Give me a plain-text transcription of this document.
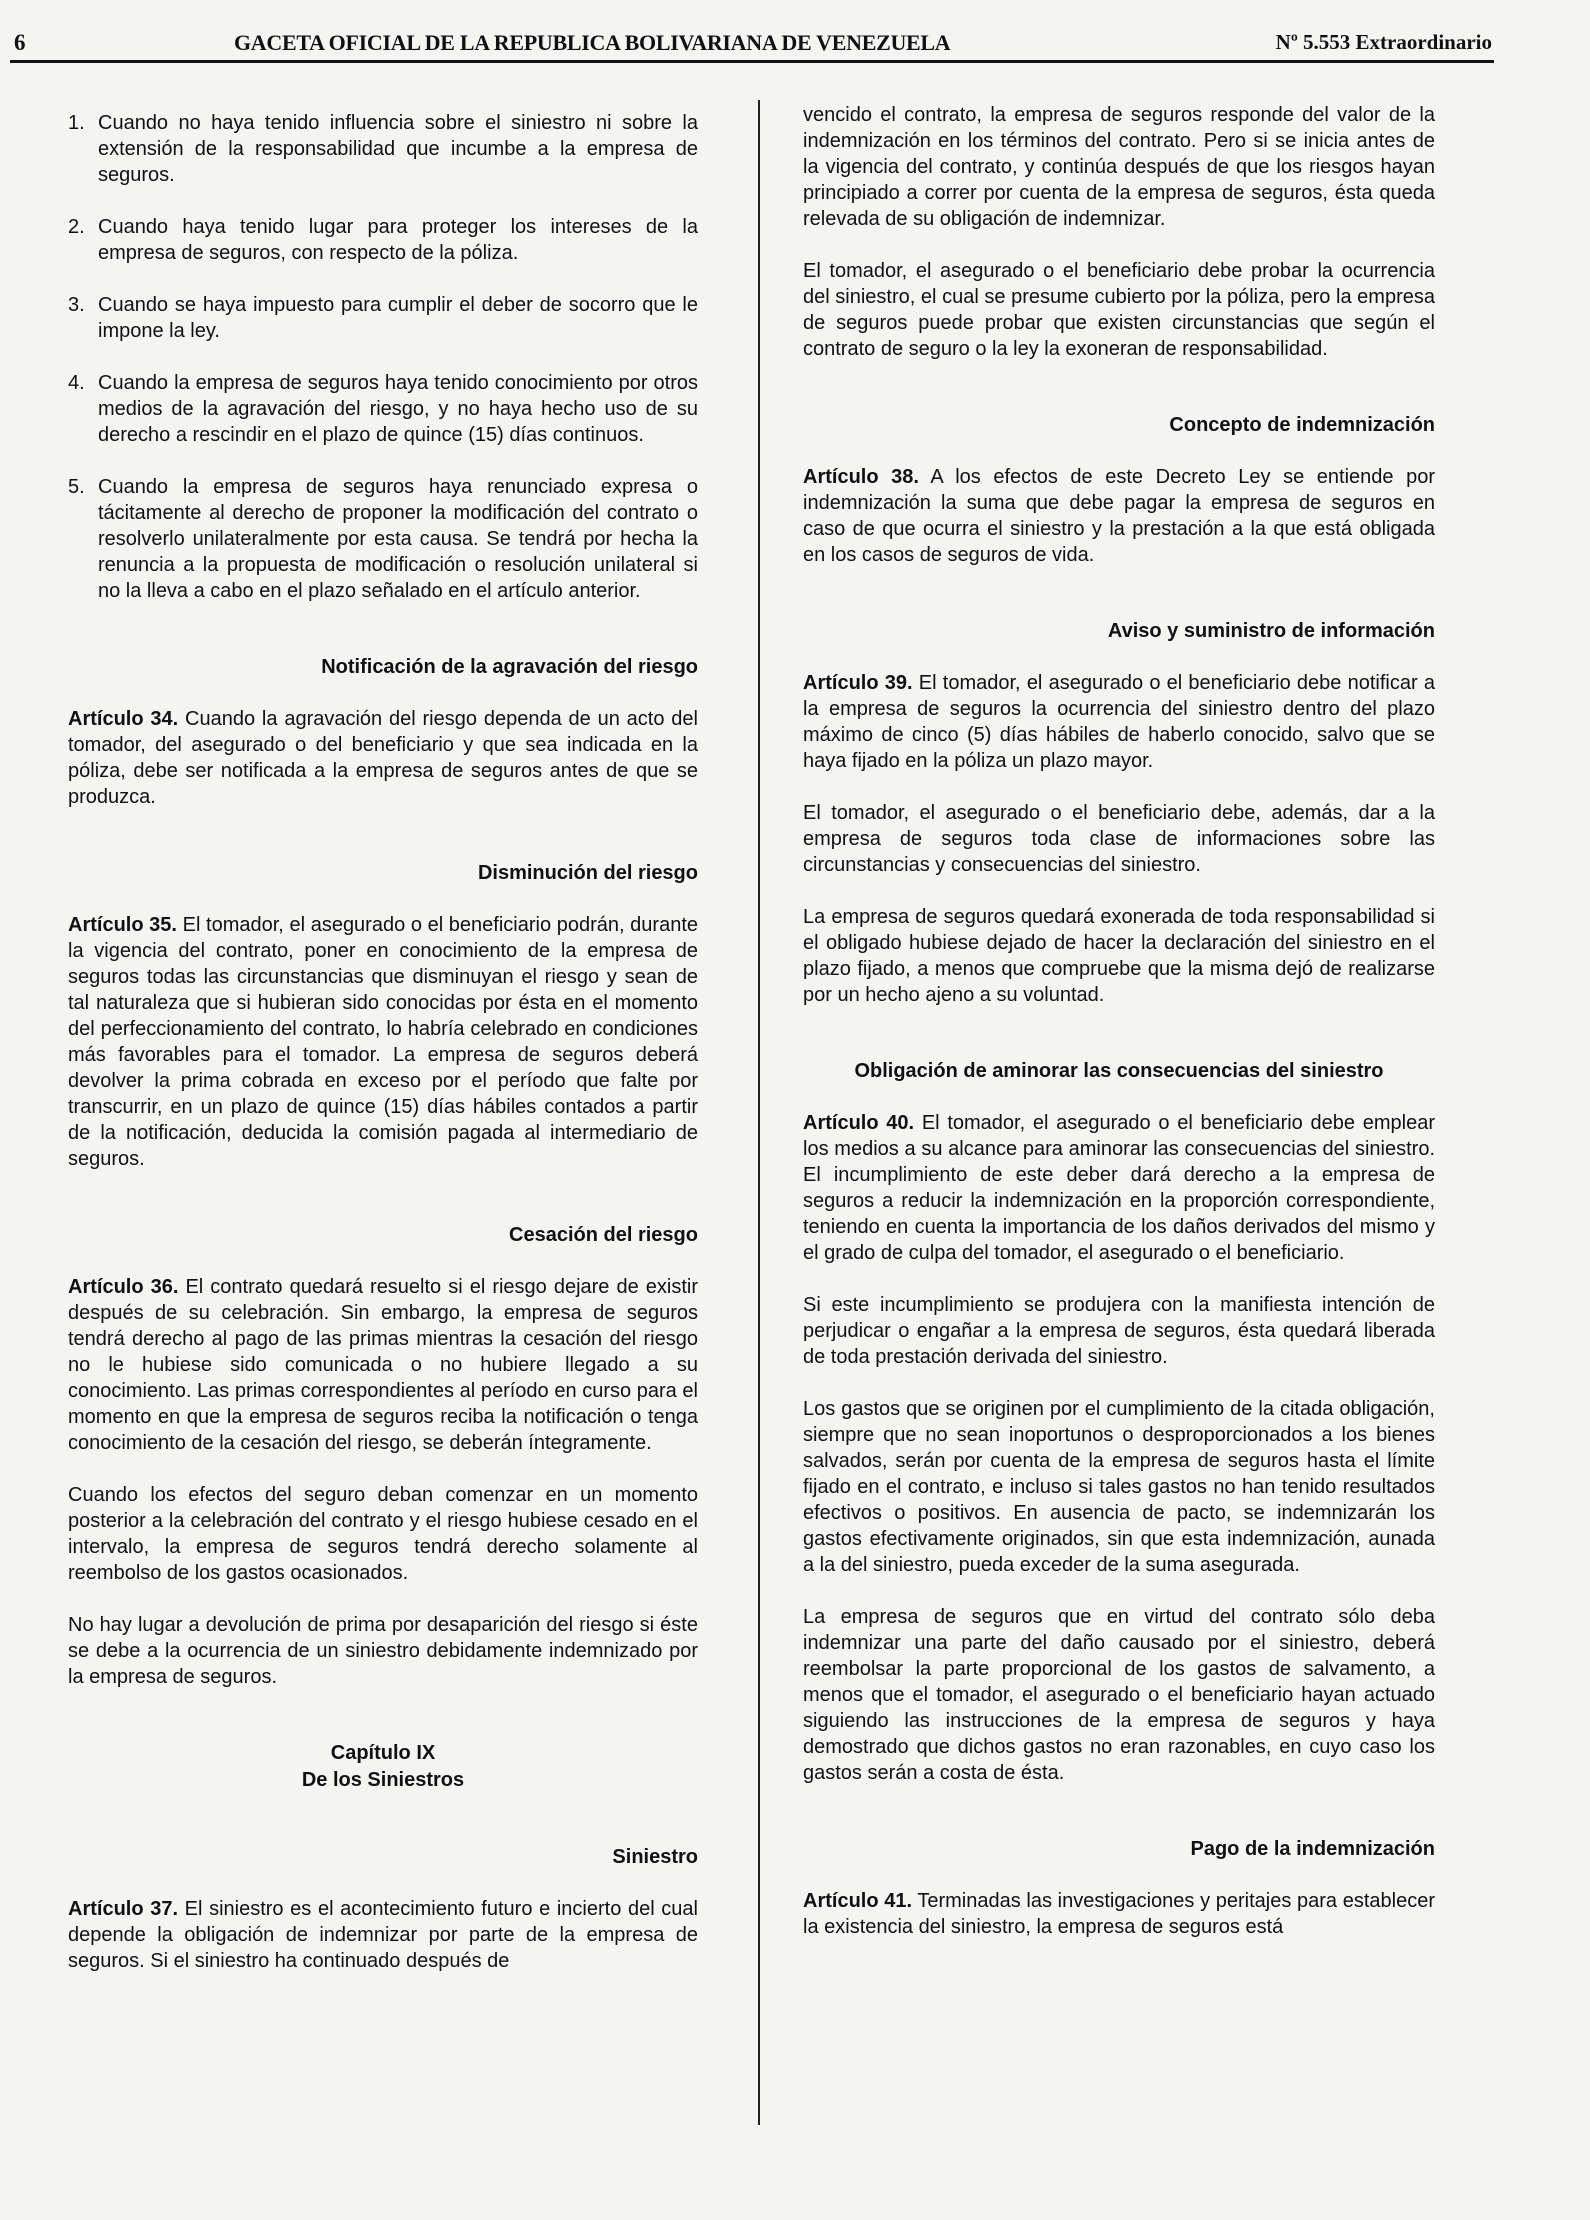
6	GACETA OFICIAL DE LA REPUBLICA BOLIVARIANA DE VENEZUELA	Nº 5.553 Extraordinario
1. Cuando no haya tenido influencia sobre el siniestro ni sobre la extensión de la responsabilidad que incumbe a la empresa de seguros.
2. Cuando haya tenido lugar para proteger los intereses de la empresa de seguros, con respecto de la póliza.
3. Cuando se haya impuesto para cumplir el deber de socorro que le impone la ley.
4. Cuando la empresa de seguros haya tenido conocimiento por otros medios de la agravación del riesgo, y no haya hecho uso de su derecho a rescindir en el plazo de quince (15) días continuos.
5. Cuando la empresa de seguros haya renunciado expresa o tácitamente al derecho de proponer la modificación del contrato o resolverlo unilateralmente por esta causa. Se tendrá por hecha la renuncia a la propuesta de modificación o resolución unilateral si no la lleva a cabo en el plazo señalado en el artículo anterior.
Notificación de la agravación del riesgo

Artículo 34. Cuando la agravación del riesgo dependa de un acto del tomador, del asegurado o del beneficiario y que sea indicada en la póliza, debe ser notificada a la empresa de seguros antes de que se produzca.

Disminución del riesgo

Artículo 35. El tomador, el asegurado o el beneficiario podrán, durante la vigencia del contrato, poner en conocimiento de la empresa de seguros todas las circunstancias que disminuyan el riesgo y sean de tal naturaleza que si hubieran sido conocidas por ésta en el momento del perfeccionamiento del contrato, lo habría celebrado en condiciones más favorables para el tomador. La empresa de seguros deberá devolver la prima cobrada en exceso por el período que falte por transcurrir, en un plazo de quince (15) días hábiles contados a partir de la notificación, deducida la comisión pagada al intermediario de seguros.

Cesación del riesgo

Artículo 36. El contrato quedará resuelto si el riesgo dejare de existir después de su celebración. Sin embargo, la empresa de seguros tendrá derecho al pago de las primas mientras la cesación del riesgo no le hubiese sido comunicada o no hubiere llegado a su conocimiento. Las primas correspondientes al período en curso para el momento en que la empresa de seguros reciba la notificación o tenga conocimiento de la cesación del riesgo, se deberán íntegramente.

Cuando los efectos del seguro deban comenzar en un momento posterior a la celebración del contrato y el riesgo hubiese cesado en el intervalo, la empresa de seguros tendrá derecho solamente al reembolso de los gastos ocasionados.

No hay lugar a devolución de prima por desaparición del riesgo si éste se debe a la ocurrencia de un siniestro debidamente indemnizado por la empresa de seguros.

Capítulo IX
De los Siniestros
Siniestro

Artículo 37. El siniestro es el acontecimiento futuro e incierto del cual depende la obligación de indemnizar por parte de la empresa de seguros. Si el siniestro ha continuado después de

vencido el contrato, la empresa de seguros responde del valor de la indemnización en los términos del contrato. Pero si se inicia antes de la vigencia del contrato, y continúa después de que los riesgos hayan principiado a correr por cuenta de la empresa de seguros, ésta queda relevada de su obligación de indemnizar.

El tomador, el asegurado o el beneficiario debe probar la ocurrencia del siniestro, el cual se presume cubierto por la póliza, pero la empresa de seguros puede probar que existen circunstancias que según el contrato de seguro o la ley la exoneran de responsabilidad.

Concepto de indemnización

Artículo 38. A los efectos de este Decreto Ley se entiende por indemnización la suma que debe pagar la empresa de seguros en caso de que ocurra el siniestro y la prestación a la que está obligada en los casos de seguros de vida.

Aviso y suministro de información

Artículo 39. El tomador, el asegurado o el beneficiario debe notificar a la empresa de seguros la ocurrencia del siniestro dentro del plazo máximo de cinco (5) días hábiles de haberlo conocido, salvo que se haya fijado en la póliza un plazo mayor.

El tomador, el asegurado o el beneficiario debe, además, dar a la empresa de seguros toda clase de informaciones sobre las circunstancias y consecuencias del siniestro.

La empresa de seguros quedará exonerada de toda responsabilidad si el obligado hubiese dejado de hacer la declaración del siniestro en el plazo fijado, a menos que compruebe que la misma dejó de realizarse por un hecho ajeno a su voluntad.

Obligación de aminorar las consecuencias del siniestro

Artículo 40. El tomador, el asegurado o el beneficiario debe emplear los medios a su alcance para aminorar las consecuencias del siniestro. El incumplimiento de este deber dará derecho a la empresa de seguros a reducir la indemnización en la proporción correspondiente, teniendo en cuenta la importancia de los daños derivados del mismo y el grado de culpa del tomador, el asegurado o el beneficiario.

Si este incumplimiento se produjera con la manifiesta intención de perjudicar o engañar a la empresa de seguros, ésta quedará liberada de toda prestación derivada del siniestro.

Los gastos que se originen por el cumplimiento de la citada obligación, siempre que no sean inoportunos o desproporcionados a los bienes salvados, serán por cuenta de la empresa de seguros hasta el límite fijado en el contrato, e incluso si tales gastos no han tenido resultados efectivos o positivos. En ausencia de pacto, se indemnizarán los gastos efectivamente originados, sin que esta indemnización, aunada a la del siniestro, pueda exceder de la suma asegurada.

La empresa de seguros que en virtud del contrato sólo deba indemnizar una parte del daño causado por el siniestro, deberá reembolsar la parte proporcional de los gastos de salvamento, a menos que el tomador, el asegurado o el beneficiario hayan actuado siguiendo las instrucciones de la empresa de seguros y haya demostrado que dichos gastos no eran razonables, en cuyo caso los gastos serán a costa de ésta.

Pago de la indemnización

Artículo 41. Terminadas las investigaciones y peritajes para establecer la existencia del siniestro, la empresa de seguros está
